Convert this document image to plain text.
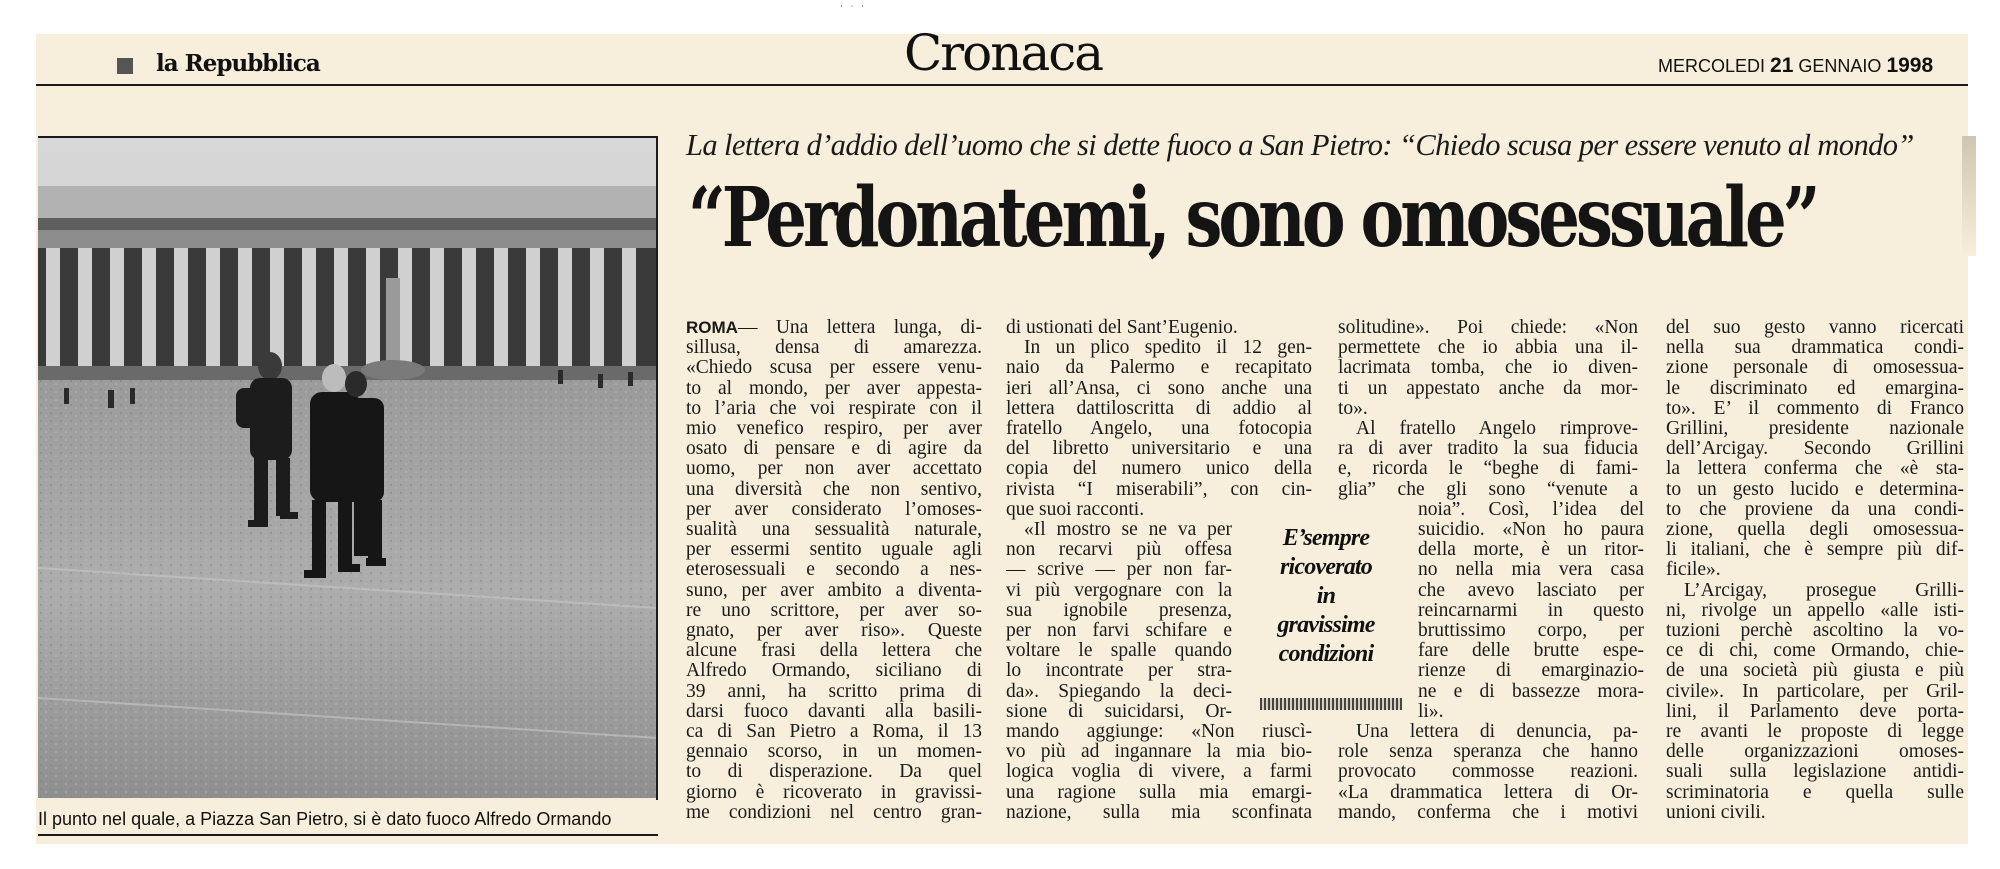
· · ·
la Repubblica	Cronaca	MERCOLEDI 21 GENNAIO 1998
Il punto nel quale, a Piazza San Pietro, si è dato fuoco Alfredo Ormando
La lettera d’addio dell’uomo che si dette fuoco a San Pietro: “Chiedo scusa per essere venuto al mondo”
“Perdonatemi, sono omosessuale”

ROMA— Una lettera lunga, di-

sillusa, densa di amarezza.

«Chiedo scusa per essere venu-

to al mondo, per aver appesta-

to l’aria che voi respirate con il

mio venefico respiro, per aver

osato di pensare e di agire da

uomo, per non aver accettato

una diversità che non sentivo,

per aver considerato l’omoses-

sualità una sessualità naturale,

per essermi sentito uguale agli

eterosessuali e secondo a nes-

suno, per aver ambito a diventa-

re uno scrittore, per aver so-

gnato, per aver riso». Queste

alcune frasi della lettera che

Alfredo Ormando, siciliano di

39 anni, ha scritto prima di

darsi fuoco davanti alla basili-

ca di San Pietro a Roma, il 13

gennaio scorso, in un momen-

to di disperazione. Da quel

giorno è ricoverato in gravissi-

me condizioni nel centro gran-

di ustionati del Sant’Eugenio.

In un plico spedito il 12 gen-

naio da Palermo e recapitato

ieri all’Ansa, ci sono anche una

lettera dattiloscritta di addio al

fratello Angelo, una fotocopia

del libretto universitario e una

copia del numero unico della

rivista “I miserabili”, con cin-

que suoi racconti.

«Il mostro se ne va per

non recarvi più offesa

— scrive — per non far-

vi più vergognare con la

sua ignobile presenza,

per non farvi schifare e

voltare le spalle quando

lo incontrate per stra-

da». Spiegando la deci-

sione di suicidarsi, Or-

mando aggiunge: «Non riuscì-

vo più ad ingannare la mia bio-

logica voglia di vivere, a farmi

una ragione sulla mia emargi-

nazione, sulla mia sconfinata

solitudine». Poi chiede: «Non

permettete che io abbia una il-

lacrimata tomba, che io diven-

ti un appestato anche da mor-

to».

Al fratello Angelo rimprove-

ra di aver tradito la sua fiducia

e, ricorda le “beghe di fami-

glia” che gli sono “venute a

noia”. Così, l’idea del

suicidio. «Non ho paura

della morte, è un ritor-

no nella mia vera casa

che avevo lasciato per

reincarnarmi in questo

bruttissimo corpo, per

fare delle brutte espe-

rienze di emarginazio-

ne e di bassezze mora-

li».

Una lettera di denuncia, pa-

role senza speranza che hanno

provocato commosse reazioni.

«La drammatica lettera di Or-

mando, conferma che i motivi

del suo gesto vanno ricercati

nella sua drammatica condi-

zione personale di omosessua-

le discriminato ed emargina-

to». E’ il commento di Franco

Grillini, presidente nazionale

dell’Arcigay. Secondo Grillini

la lettera conferma che «è sta-

to un gesto lucido e determina-

to che proviene da una condi-

zione, quella degli omosessua-

li italiani, che è sempre più dif-

ficile».

L’Arcigay, prosegue Grilli-

ni, rivolge un appello «alle isti-

tuzioni perchè ascoltino la vo-

ce di chi, come Ormando, chie-

de una società più giusta e più

civile». In particolare, per Gril-

lini, il Parlamento deve porta-

re avanti le proposte di legge

delle organizzazioni omoses-

suali sulla legislazione antidi-

scriminatoria e quella sulle

unioni civili.

E’sempre
ricoverato
in
gravissime
condizioni
